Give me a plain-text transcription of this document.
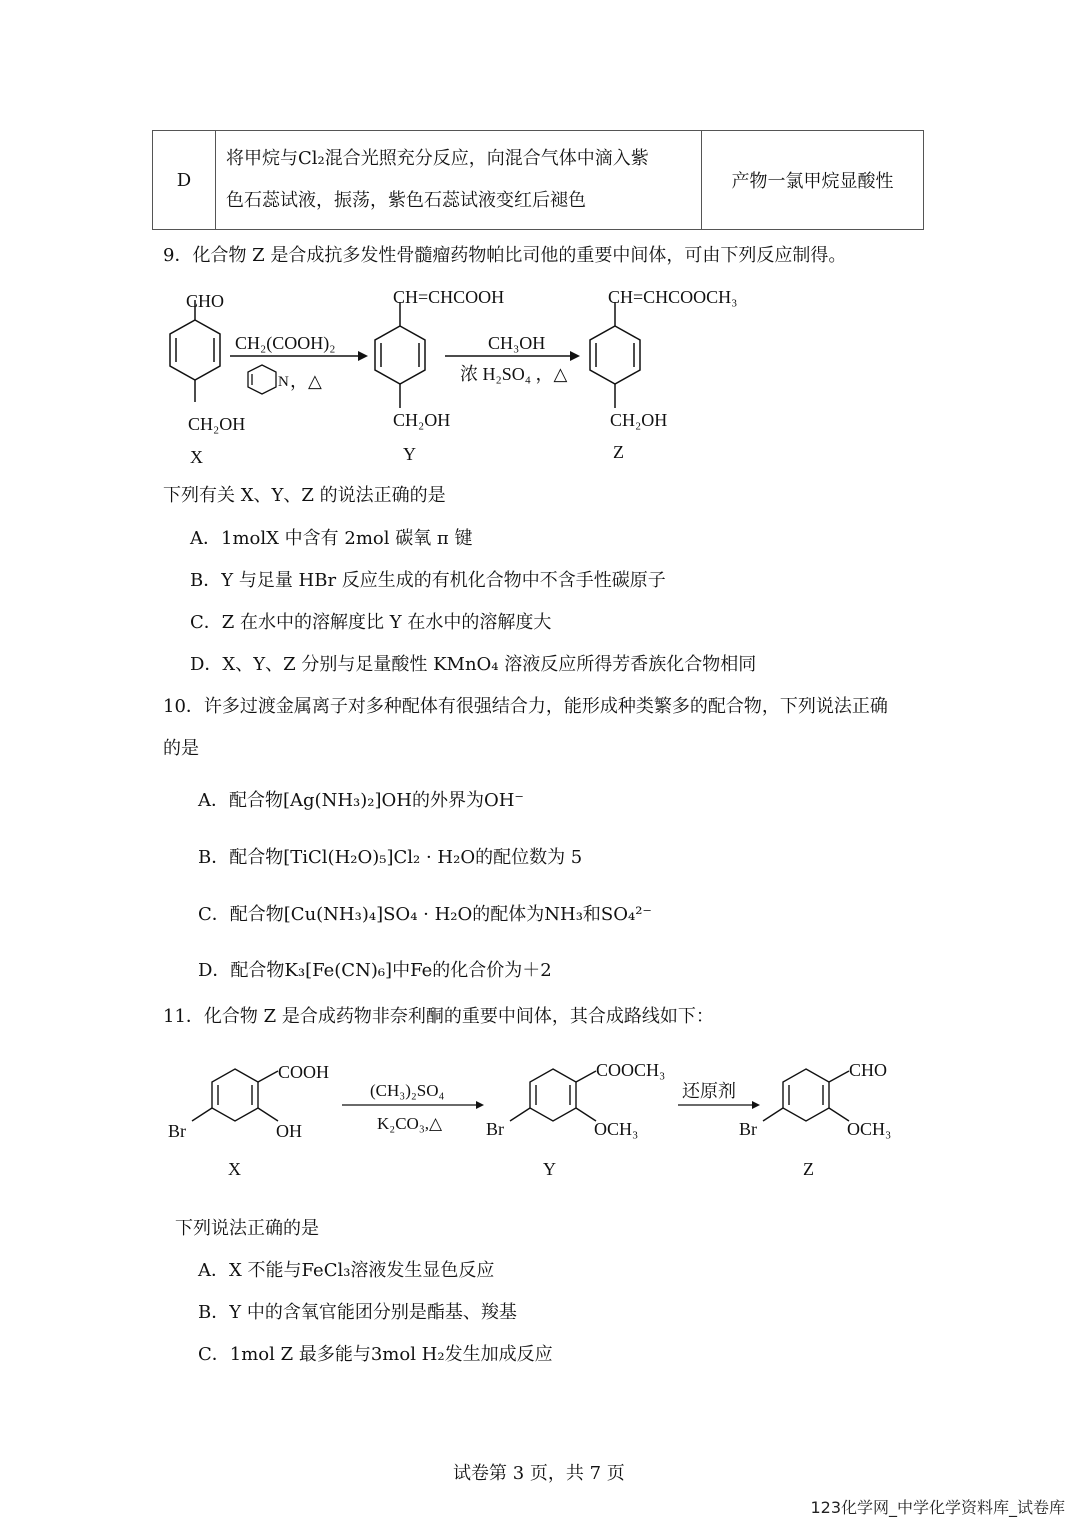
D	
将甲烷与Cl₂混合光照充分反应，向混合气体中滴入紫
色石蕊试液，振荡，紫色石蕊试液变红后褪色
	产物一氯甲烷显酸性
9．化合物 Z 是合成抗多发性骨髓瘤药物帕比司他的重要中间体，可由下列反应制得。
CHO
CH₂OH
X
CH₂(COOH)₂
N ，△
CH=CHCOOH
CH₂OH
Y
CH₃OH
浓 H₂SO₄ ，△
CH=CHCOOCH₃
CH₂OH
Z
下列有关 X、Y、Z 的说法正确的是
A．1molX 中含有 2mol 碳氧 π 键
B．Y 与足量 HBr 反应生成的有机化合物中不含手性碳原子
C．Z 在水中的溶解度比 Y 在水中的溶解度大
D．X、Y、Z 分别与足量酸性 KMnO₄ 溶液反应所得芳香族化合物相同
10．许多过渡金属离子对多种配体有很强结合力，能形成种类繁多的配合物，下列说法正确
的是
A．配合物[Ag(NH₃)₂]OH的外界为OH⁻
B．配合物[TiCl(H₂O)₅]Cl₂ · H₂O的配位数为 5
C．配合物[Cu(NH₃)₄]SO₄ · H₂O的配体为NH₃和SO₄²⁻
D．配合物K₃[Fe(CN)₆]中Fe的化合价为＋2
11．化合物 Z 是合成药物非奈利酮的重要中间体，其合成路线如下：
COOH
Br	OH
X
(CH₃)₂SO₄
K₂CO₃,△
COOCH₃
Br	OCH₃
Y
还原剂
CHO
Br	OCH₃
Z
下列说法正确的是
A．X 不能与FeCl₃溶液发生显色反应
B．Y 中的含氧官能团分别是酯基、羧基
C．1mol Z 最多能与3mol H₂发生加成反应
试卷第 3 页，共 7 页
123化学网_中学化学资料库_试卷库
